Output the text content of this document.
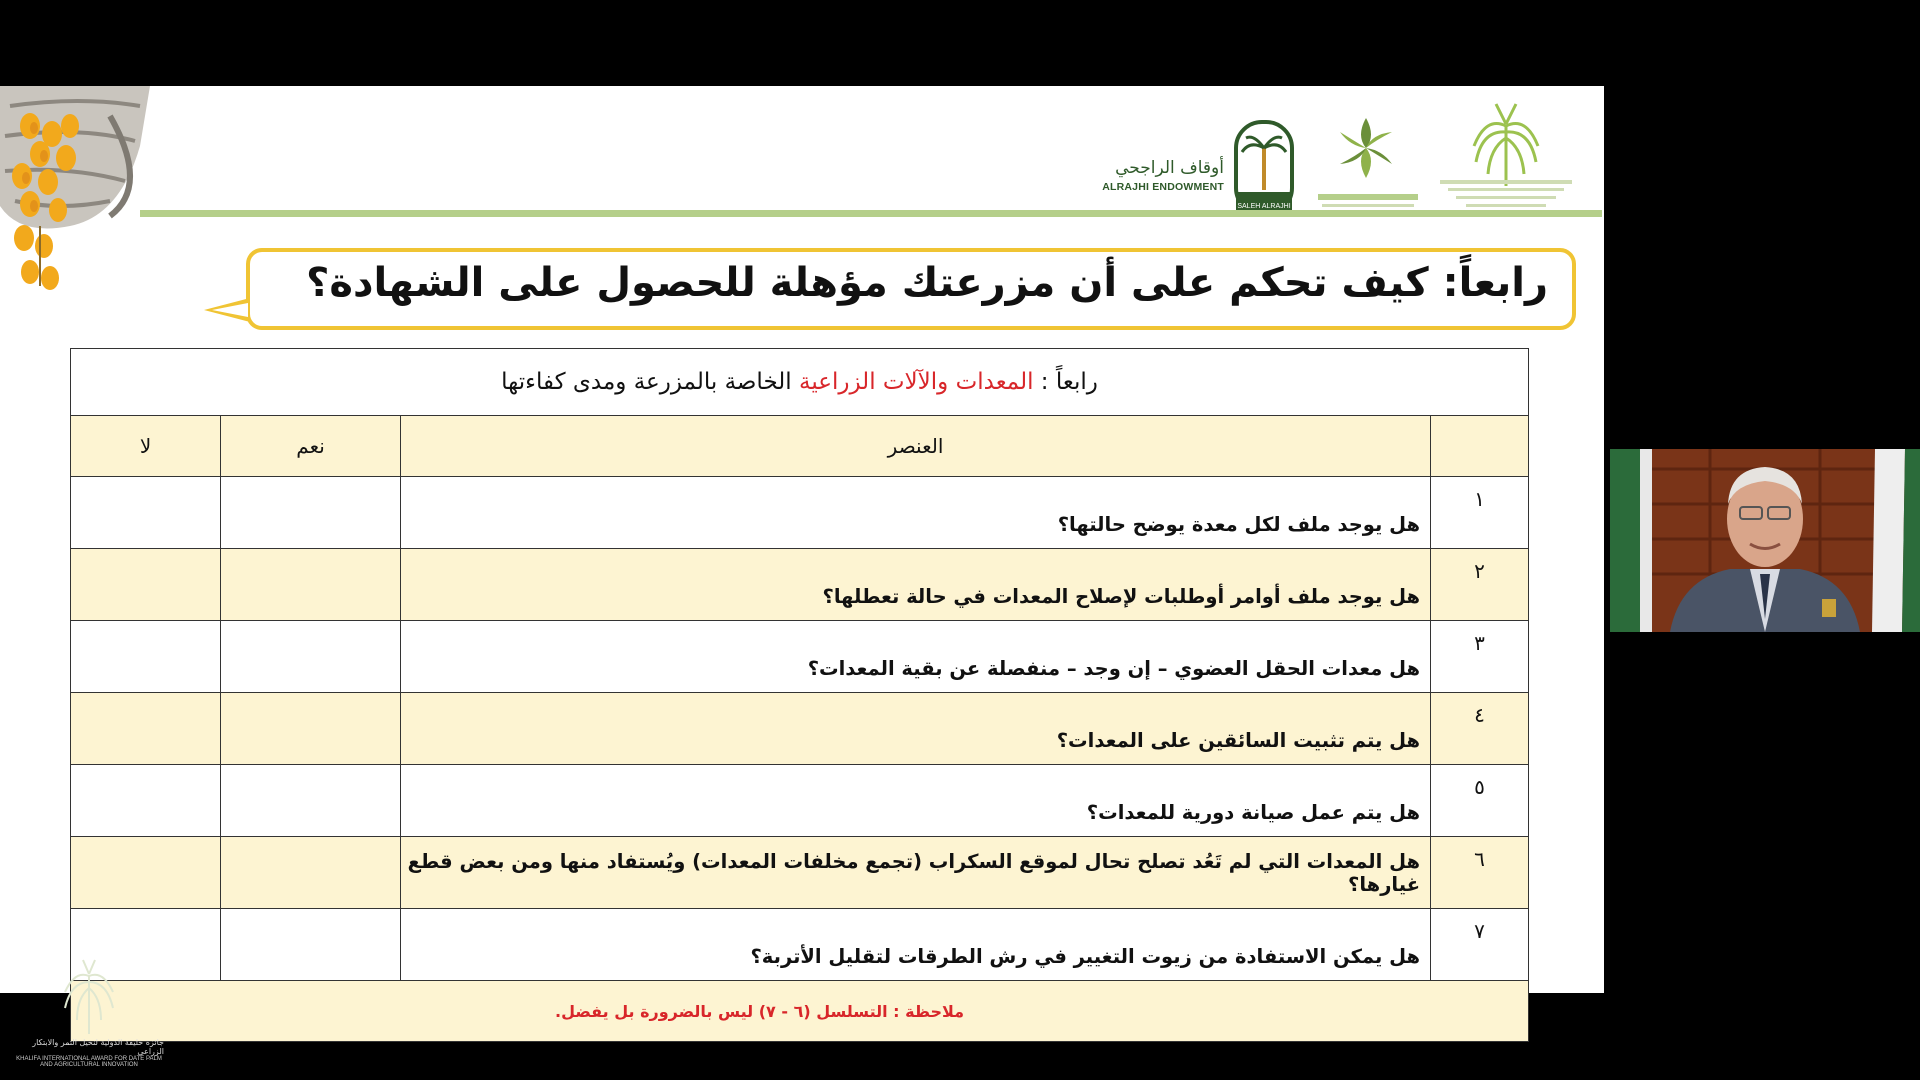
أوقاف الراجحي
ALRAJHI ENDOWMENT
SALEH ALRAJHI
رابعاً: كيف تحكم على أن مزرعتك مؤهلة للحصول على الشهادة؟
رابعاً : المعدات والآلات الزراعية الخاصة بالمزرعة ومدى كفاءتها			
	العنصر	نعم	لا
١	هل يوجد ملف لكل معدة يوضح حالتها؟		
٢	هل يوجد ملف أوامر أوطلبات لإصلاح المعدات في حالة تعطلها؟		
٣	هل معدات الحقل العضوي – إن وجد – منفصلة عن بقية المعدات؟		
٤	هل يتم تثبيت السائقين على المعدات؟		
٥	هل يتم عمل صيانة دورية للمعدات؟		
٦	هل المعدات التي لم تَعُد تصلح تحال لموقع السكراب (تجمع مخلفات المعدات) ويُستفاد منها ومن بعض قطع غيارها؟		
٧	هل يمكن الاستفادة من زيوت التغيير في رش الطرقات لتقليل الأتربة؟		
ملاحظة : التسلسل (٦ - ٧) ليس بالضرورة بل يفضل.			
جائزة خليفة الدولية لنخيل التمر والابتكار الزراعي
KHALIFA INTERNATIONAL AWARD FOR DATE PALM
AND AGRICULTURAL INNOVATION
